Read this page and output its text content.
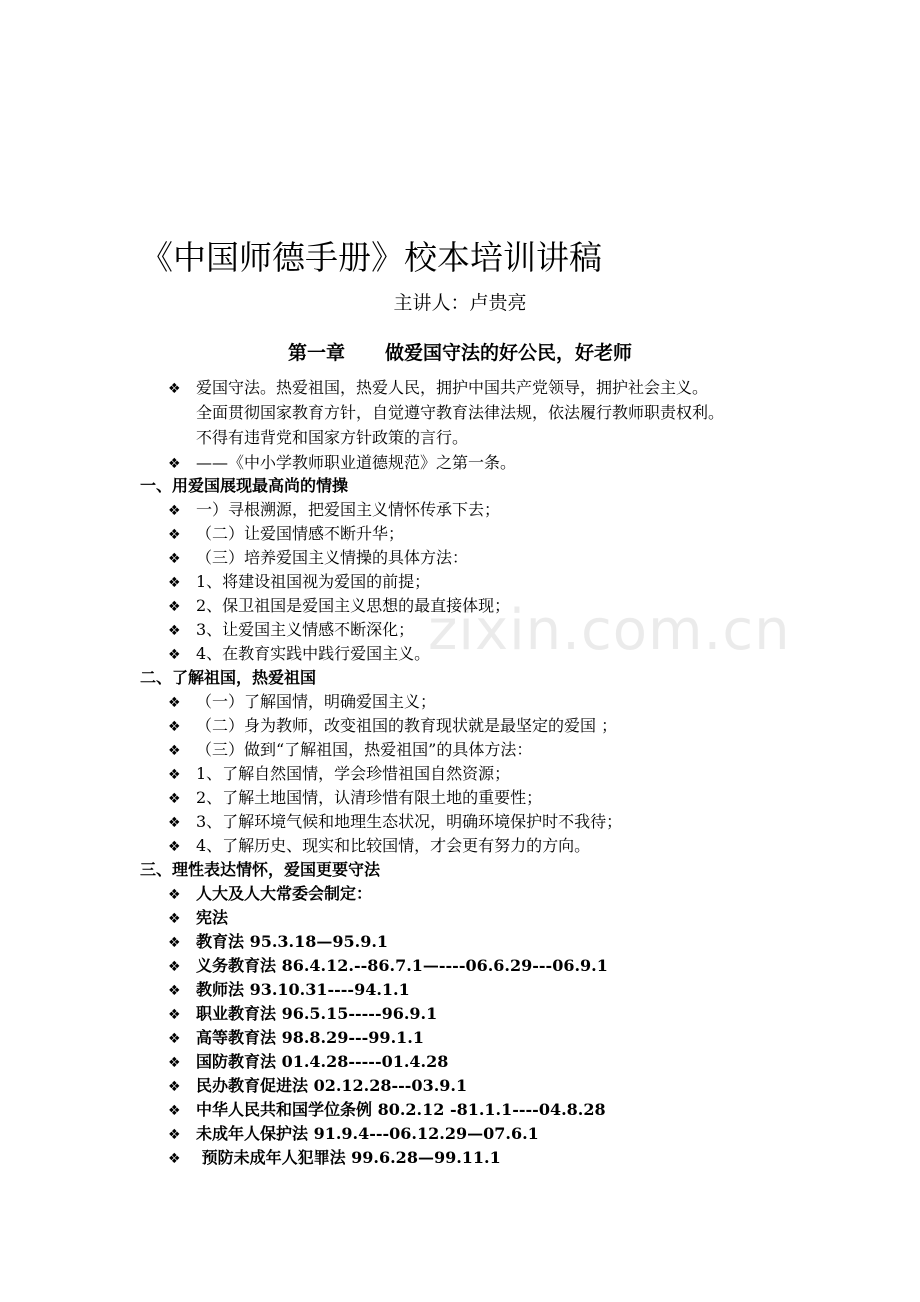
《中国师德手册》校本培训讲稿
主讲人：卢贵亮
第一章 做爱国守法的好公民，好老师
❖ 爱国守法。热爱祖国，热爱人民，拥护中国共产党领导，拥护社会主义。
全面贯彻国家教育方针，自觉遵守教育法律法规，依法履行教师职责权利。
不得有违背党和国家方针政策的言行。
❖ ——《中小学教师职业道德规范》之第一条。
一、用爱国展现最高尚的情操
❖ 一）寻根溯源，把爱国主义情怀传承下去；
❖ （二）让爱国情感不断升华；
❖ （三）培养爱国主义情操的具体方法：
❖ 1、将建设祖国视为爱国的前提；
❖ 2、保卫祖国是爱国主义思想的最直接体现；
❖ 3、让爱国主义情感不断深化；
❖ 4、在教育实践中践行爱国主义。
二、了解祖国，热爱祖国
❖ （一）了解国情，明确爱国主义；
❖ （二）身为教师，改变祖国的教育现状就是最坚定的爱国 ；
❖ （三）做到“了解祖国，热爱祖国”的具体方法：
❖ 1、了解自然国情，学会珍惜祖国自然资源；
❖ 2、了解土地国情，认清珍惜有限土地的重要性；
❖ 3、了解环境气候和地理生态状况，明确环境保护时不我待；
❖ 4、了解历史、现实和比较国情，才会更有努力的方向。
三、理性表达情怀，爱国更要守法
❖ 人大及人大常委会制定：
❖ 宪法
❖ 教育法 95.3.18—95.9.1
❖ 义务教育法 86.4.12.--86.7.1—----06.6.29---06.9.1
❖ 教师法 93.10.31----94.1.1
❖ 职业教育法 96.5.15-----96.9.1
❖ 高等教育法 98.8.29---99.1.1
❖ 国防教育法 01.4.28-----01.4.28
❖ 民办教育促进法 02.12.28---03.9.1
❖ 中华人民共和国学位条例 80.2.12 -81.1.1----04.8.28
❖ 未成年人保护法 91.9.4---06.12.29—07.6.1
❖ 预防未成年人犯罪法 99.6.28—99.11.1
zixin.com.cn
